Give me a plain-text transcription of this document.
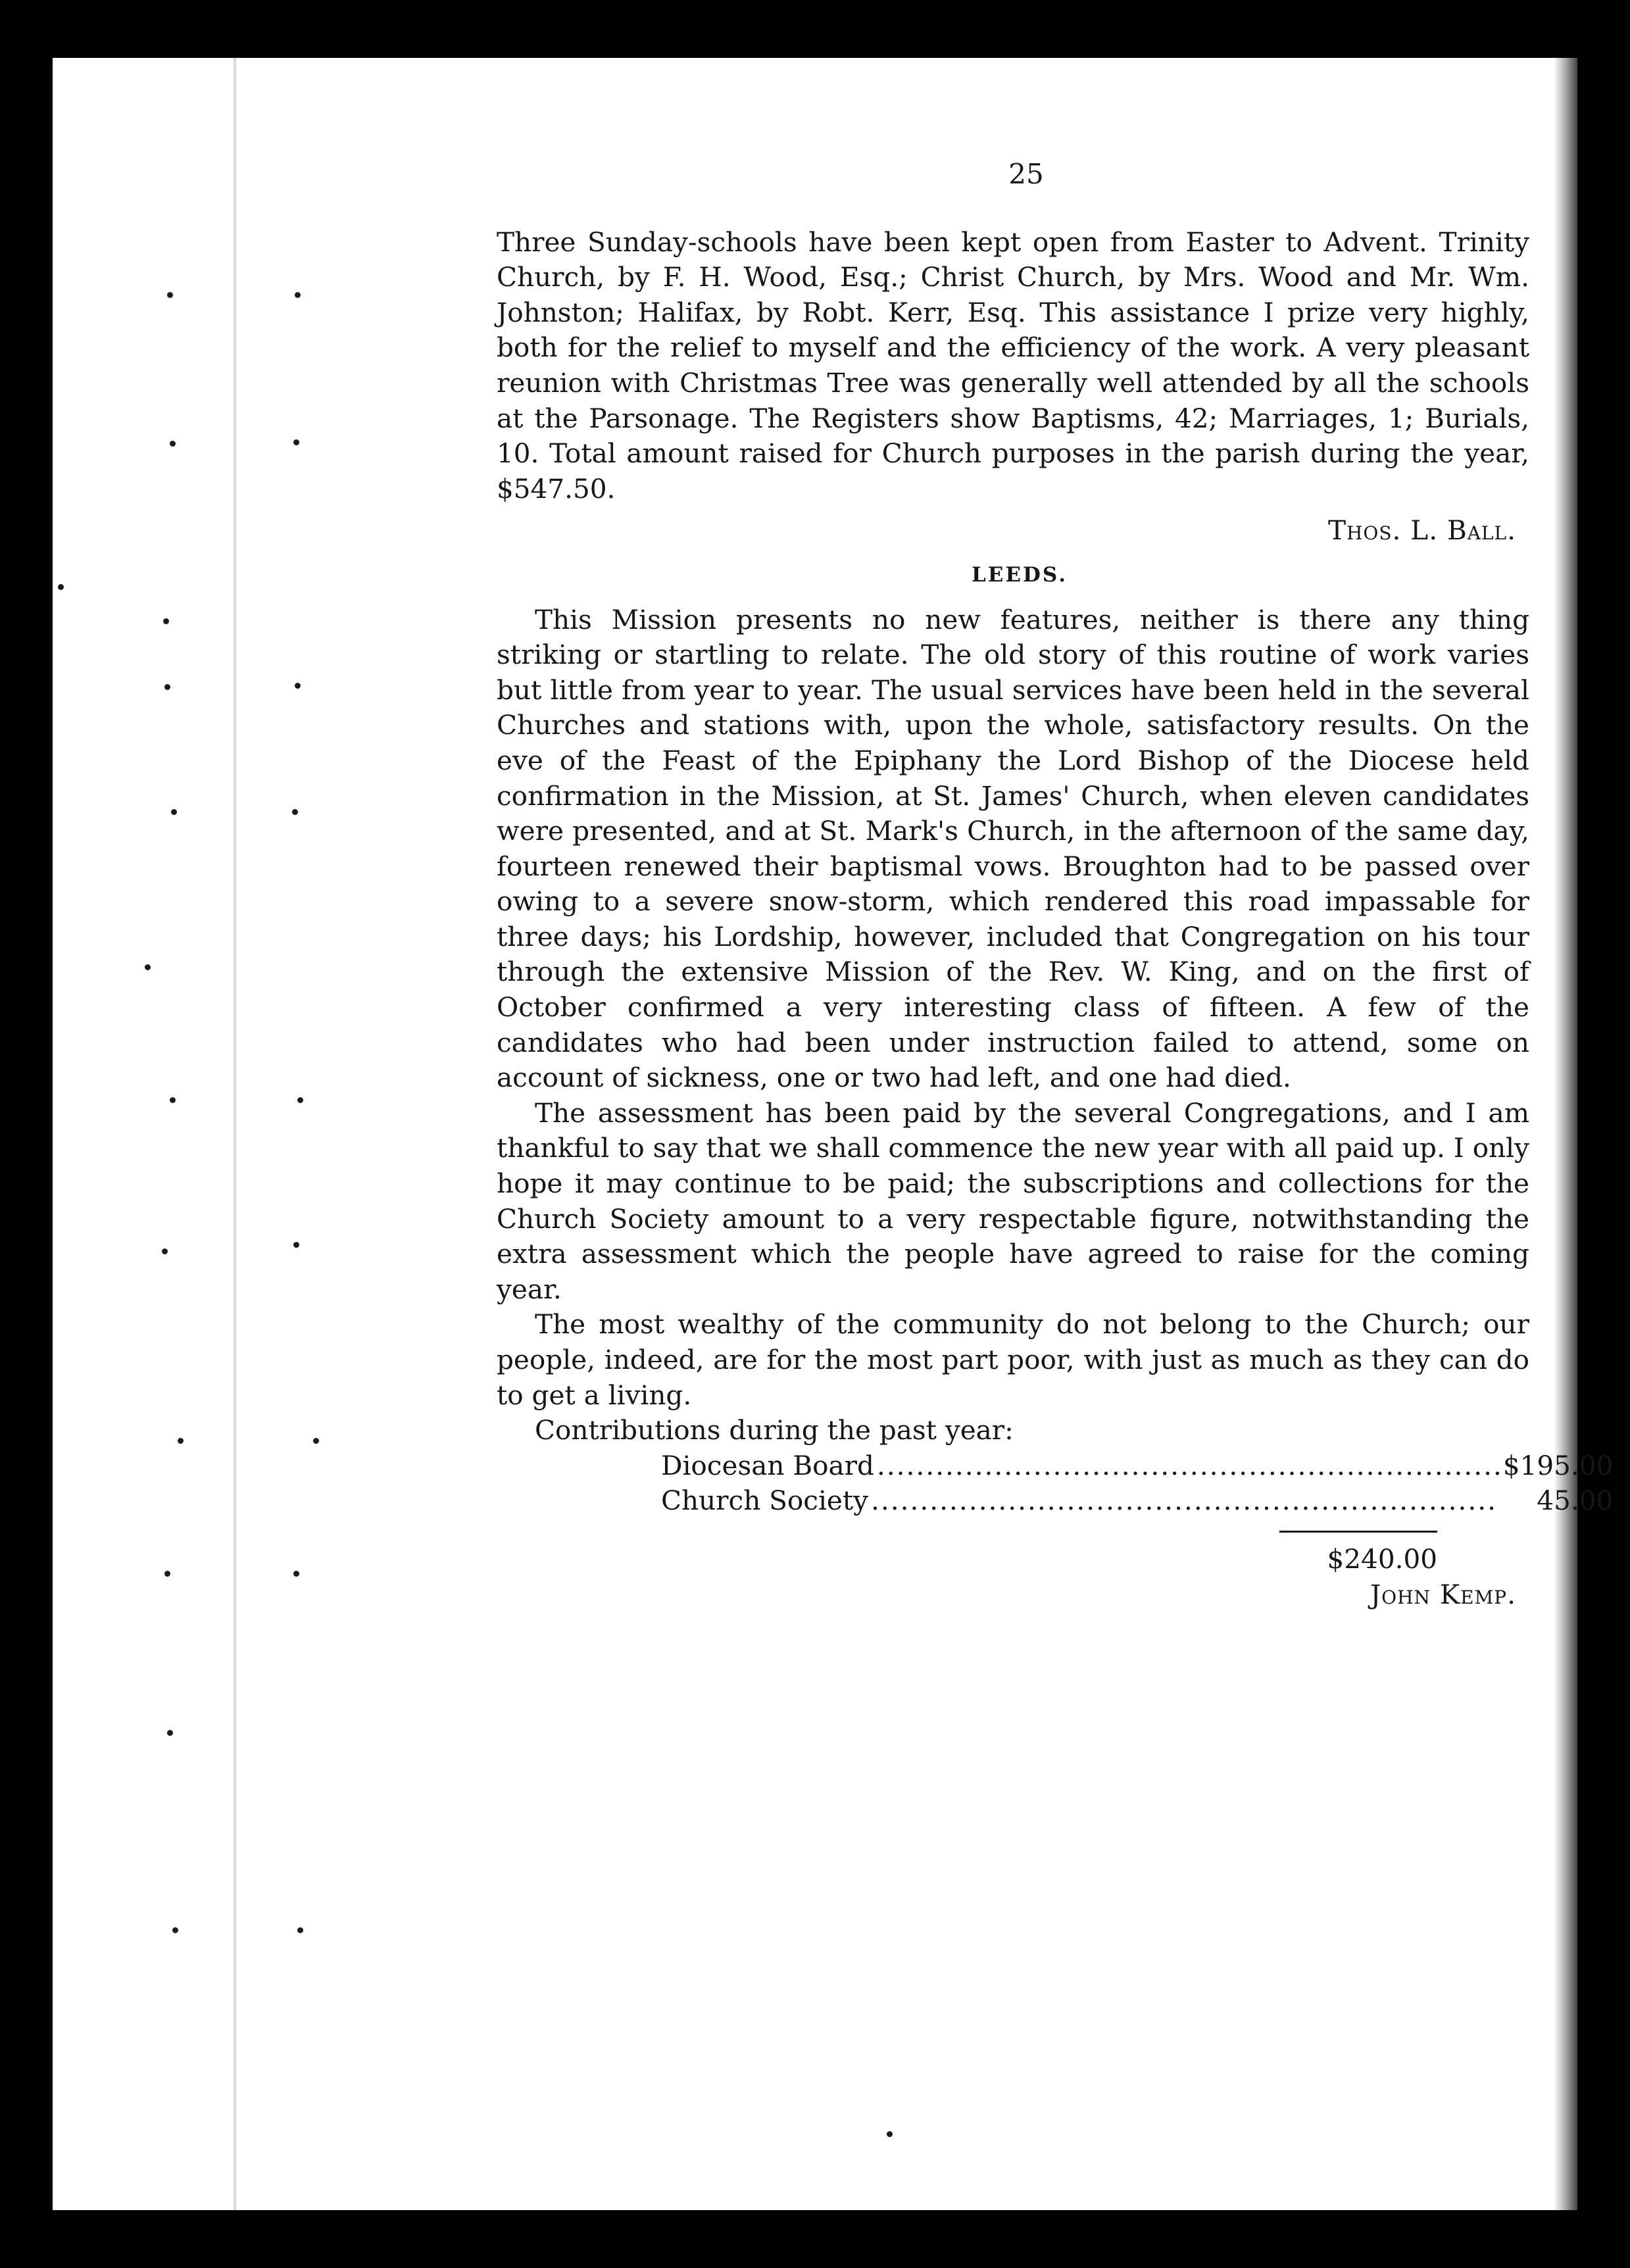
25

Three Sunday-schools have been kept open from Easter to Advent. Trinity Church, by F. H. Wood, Esq.; Christ Church, by Mrs. Wood and Mr. Wm. Johnston; Halifax, by Robt. Kerr, Esq. This assistance I prize very highly, both for the relief to myself and the efficiency of the work. A very pleasant reunion with Christmas Tree was generally well attended by all the schools at the Parsonage. The Registers show Baptisms, 42; Marriages, 1; Burials, 10. Total amount raised for Church purposes in the parish during the year, $547.50.

Thos. L. Ball.
LEEDS.

This Mission presents no new features, neither is there any thing striking or startling to relate. The old story of this routine of work varies but little from year to year. The usual services have been held in the several Churches and stations with, upon the whole, satisfactory results. On the eve of the Feast of the Epiphany the Lord Bishop of the Diocese held confirmation in the Mission, at St. James' Church, when eleven candidates were presented, and at St. Mark's Church, in the afternoon of the same day, fourteen renewed their baptismal vows. Broughton had to be passed over owing to a severe snow-storm, which rendered this road impassable for three days; his Lordship, however, included that Congregation on his tour through the extensive Mission of the Rev. W. King, and on the first of October confirmed a very interesting class of fifteen. A few of the candidates who had been under instruction failed to attend, some on account of sickness, one or two had left, and one had died.

The assessment has been paid by the several Congregations, and I am thankful to say that we shall commence the new year with all paid up. I only hope it may continue to be paid; the subscriptions and collections for the Church Society amount to a very respectable figure, notwithstanding the extra assessment which the people have agreed to raise for the coming year.

The most wealthy of the community do not belong to the Church; our people, indeed, are for the most part poor, with just as much as they can do to get a living.

Contributions during the past year:
Diocesan Board................................................................	$195.00
Church Society................................................................	45.00
$240.00
John Kemp.
